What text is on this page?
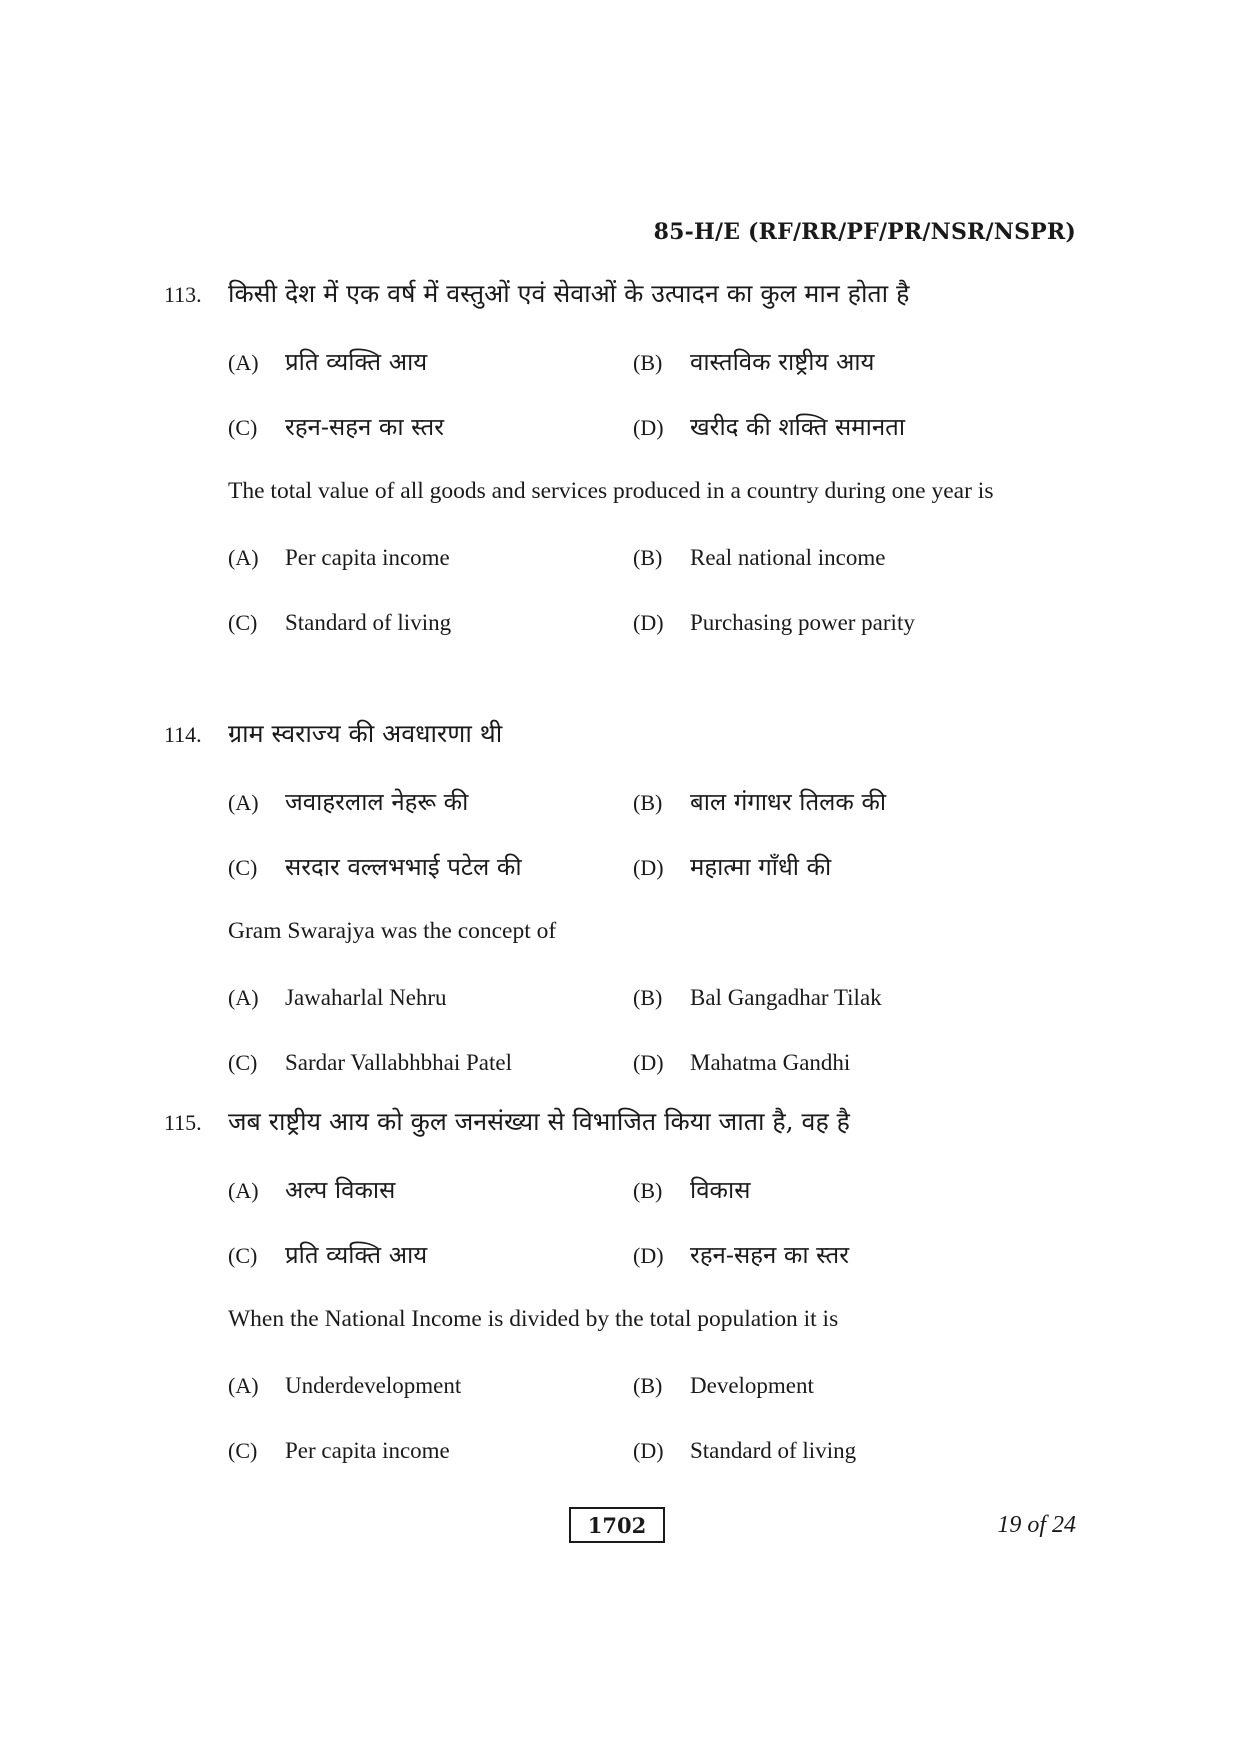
85-H/E (RF/RR/PF/PR/NSR/NSPR)
113.	किसी देश में एक वर्ष में वस्तुओं एवं सेवाओं के उत्पादन का कुल मान होता है
(A)	प्रति व्यक्ति आय	(B)	वास्तविक राष्ट्रीय आय
(C)	रहन-सहन का स्तर	(D)	खरीद की शक्ति समानता
The total value of all goods and services produced in a country during one year is
(A)	Per capita income	(B)	Real national income
(C)	Standard of living	(D)	Purchasing power parity
114.	ग्राम स्वराज्य की अवधारणा थी
(A)	जवाहरलाल नेहरू की	(B)	बाल गंगाधर तिलक की
(C)	सरदार वल्लभभाई पटेल की	(D)	महात्मा गाँधी की
Gram Swarajya was the concept of
(A)	Jawaharlal Nehru	(B)	Bal Gangadhar Tilak
(C)	Sardar Vallabhbhai Patel	(D)	Mahatma Gandhi
115.	जब राष्ट्रीय आय को कुल जनसंख्या से विभाजित किया जाता है, वह है
(A)	अल्प विकास	(B)	विकास
(C)	प्रति व्यक्ति आय	(D)	रहन-सहन का स्तर
When the National Income is divided by the total population it is
(A)	Underdevelopment	(B)	Development
(C)	Per capita income	(D)	Standard of living
1702	19 of 24
